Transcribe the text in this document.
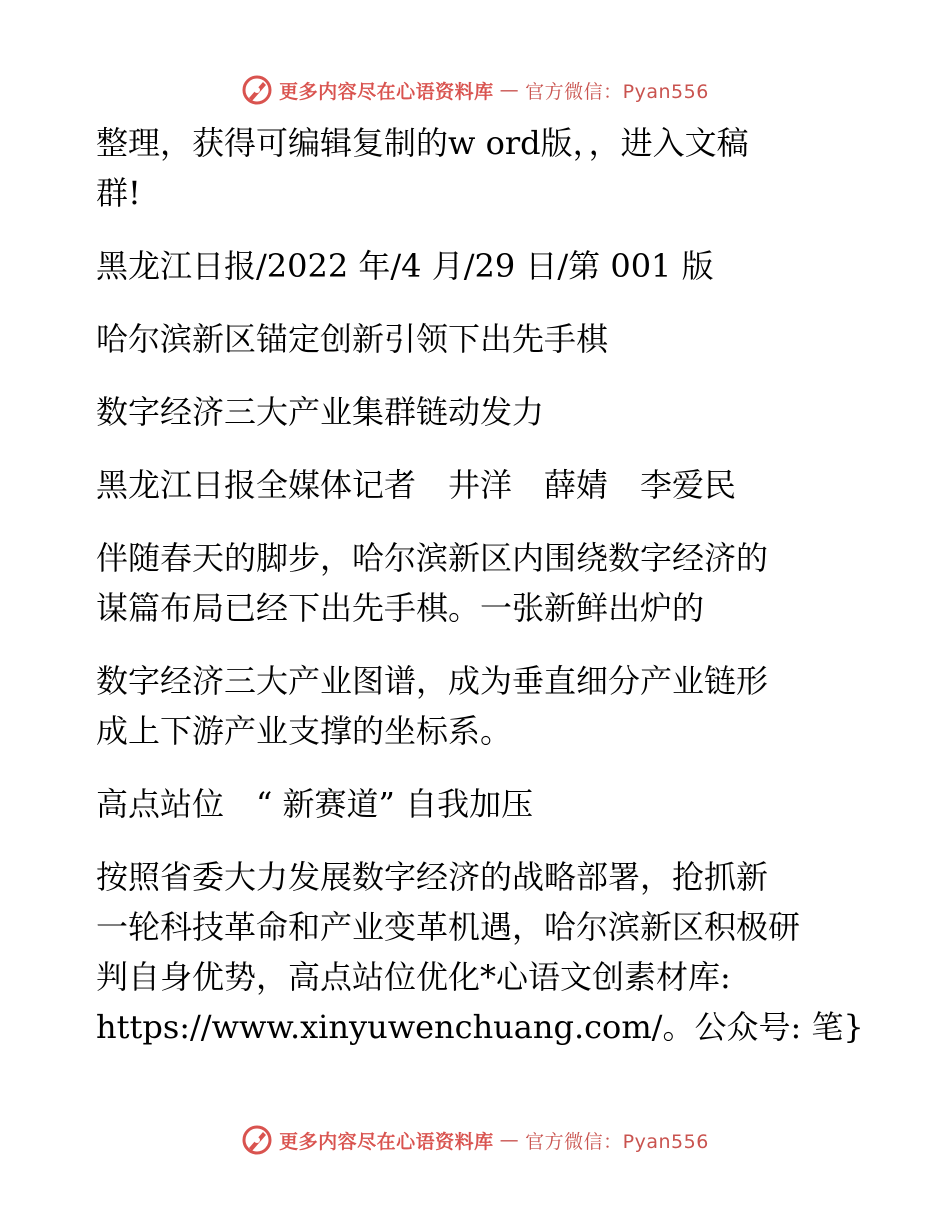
更多内容尽在心语资料库 — 官方微信：Pyan556
整理，获得可编辑复制的w ord版，，进入文稿
群!
黑龙江日报/2022 年/4 月/29 日/第 001 版
哈尔滨新区锚定创新引领下出先手棋
数字经济三大产业集群链动发力
黑龙江日报全媒体记者　井洋　薛婧　李爱民
伴随春天的脚步，哈尔滨新区内围绕数字经济的
谋篇布局已经下出先手棋。一张新鲜出炉的
数字经济三大产业图谱，成为垂直细分产业链形
成上下游产业支撑的坐标系。
高点站位　“ 新赛道” 自我加压
按照省委大力发展数字经济的战略部署，抢抓新
一轮科技革命和产业变革机遇，哈尔滨新区积极研
判自身优势，高点站位优化*心语文创素材库:
https://www.xinyuwenchuang.com/。公众号: 笔}
更多内容尽在心语资料库 — 官方微信：Pyan556
